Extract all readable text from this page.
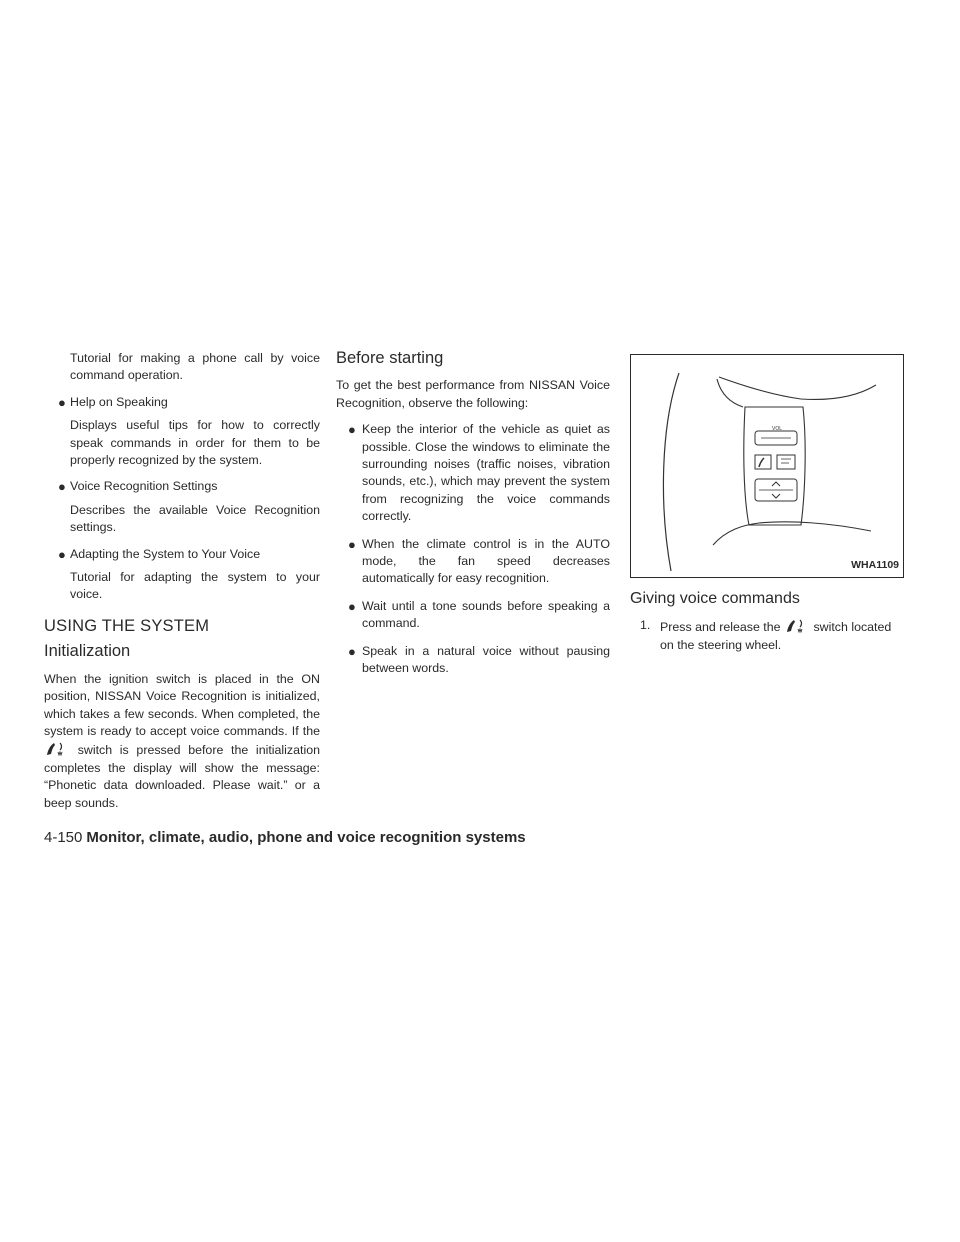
Tutorial for making a phone call by voice command operation.

● Help on Speaking

Displays useful tips for how to correctly speak commands in order for them to be properly recognized by the system.

● Voice Recognition Settings

Describes the available Voice Recognition settings.

● Adapting the System to Your Voice

Tutorial for adapting the system to your voice.

USING THE SYSTEM
Initialization

When the ignition switch is placed in the ON position, NISSAN Voice Recognition is initialized, which takes a few seconds. When completed, the system is ready to accept voice commands. If the  switch is pressed before the initialization completes the display will show the message: “Phonetic data downloaded. Please wait.” or a beep sounds.

Before starting

To get the best performance from NISSAN Voice Recognition, observe the following:

● Keep the interior of the vehicle as quiet as possible. Close the windows to eliminate the surrounding noises (traffic noises, vibration sounds, etc.), which may prevent the system from recognizing the voice commands correctly.
● When the climate control is in the AUTO mode, the fan speed decreases automatically for easy recognition.
● Wait until a tone sounds before speaking a command.
● Speak in a natural voice without pausing between words.
VOL
WHA1109
Giving voice commands
1. Press and release the	switch located on the steering wheel.
4-150 Monitor, climate, audio, phone and voice recognition systems
